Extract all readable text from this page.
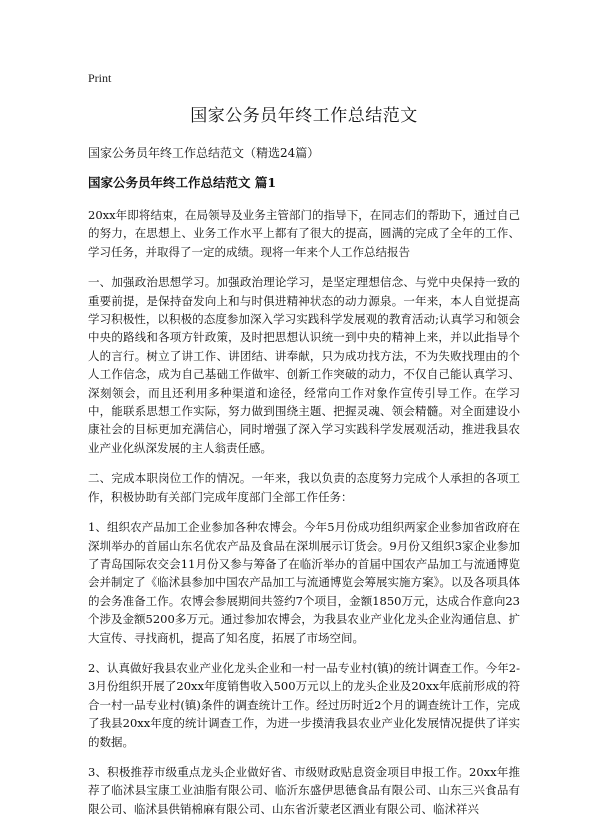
Print
国家公务员年终工作总结范文
国家公务员年终工作总结范文（精选24篇）
国家公务员年终工作总结范文 篇1

20xx年即将结束，在局领导及业务主管部门的指导下，在同志们的帮助下，通过自己的努力，在思想上、业务工作水平上都有了很大的提高，圆满的完成了全年的工作、学习任务，并取得了一定的成绩。现将一年来个人工作总结报告

一、加强政治思想学习。加强政治理论学习，是坚定理想信念、与党中央保持一致的重要前提，是保持奋发向上和与时俱进精神状态的动力源泉。一年来，本人自觉提高学习积极性，以积极的态度参加深入学习实践科学发展观的教育活动;认真学习和领会中央的路线和各项方针政策，及时把思想认识统一到中央的精神上来，并以此指导个人的言行。树立了讲工作、讲团结、讲奉献，只为成功找方法，不为失败找理由的个人工作信念，成为自己基础工作做牢、创新工作突破的动力，不仅自己能认真学习、深刻领会，而且还利用多种渠道和途径，经常向工作对象作宣传引导工作。在学习中，能联系思想工作实际，努力做到围绕主题、把握灵魂、领会精髓。对全面建设小康社会的目标更加充满信心，同时增强了深入学习实践科学发展观活动，推进我县农业产业化纵深发展的主人翁责任感。

二、完成本职岗位工作的情况。一年来，我以负责的态度努力完成个人承担的各项工作，积极协助有关部门完成年度部门全部工作任务：

1、组织农产品加工企业参加各种农博会。今年5月份成功组织两家企业参加省政府在深圳举办的首届山东名优农产品及食品在深圳展示订货会。9月份又组织3家企业参加了青岛国际农交会11月份又参与筹备了在临沂举办的首届中国农产品加工与流通博览会并制定了《临沭县参加中国农产品加工与流通博览会筹展实施方案》。以及各项具体的会务准备工作。农博会参展期间共签约7个项目，金额1850万元，达成合作意向23个涉及金额5200多万元。通过参加农博会，为我县农业产业化龙头企业沟通信息、扩大宣传、寻找商机，提高了知名度，拓展了市场空间。

2、认真做好我县农业产业化龙头企业和一村一品专业村(镇)的统计调查工作。今年2-3月份组织开展了20xx年度销售收入500万元以上的龙头企业及20xx年底前形成的符合一村一品专业村(镇)条件的调查统计工作。经过历时近2个月的调查统计工作，完成了我县20xx年度的统计调查工作，为进一步摸清我县农业产业化发展情况提供了详实的数据。

3、积极推荐市级重点龙头企业做好省、市级财政贴息资金项目申报工作。20xx年推荐了临沭县宝康工业油脂有限公司、临沂东盛伊思德食品有限公司、山东三兴食品有限公司、临沭县供销棉麻有限公司、山东省沂蒙老区酒业有限公司、临沭祥兴
